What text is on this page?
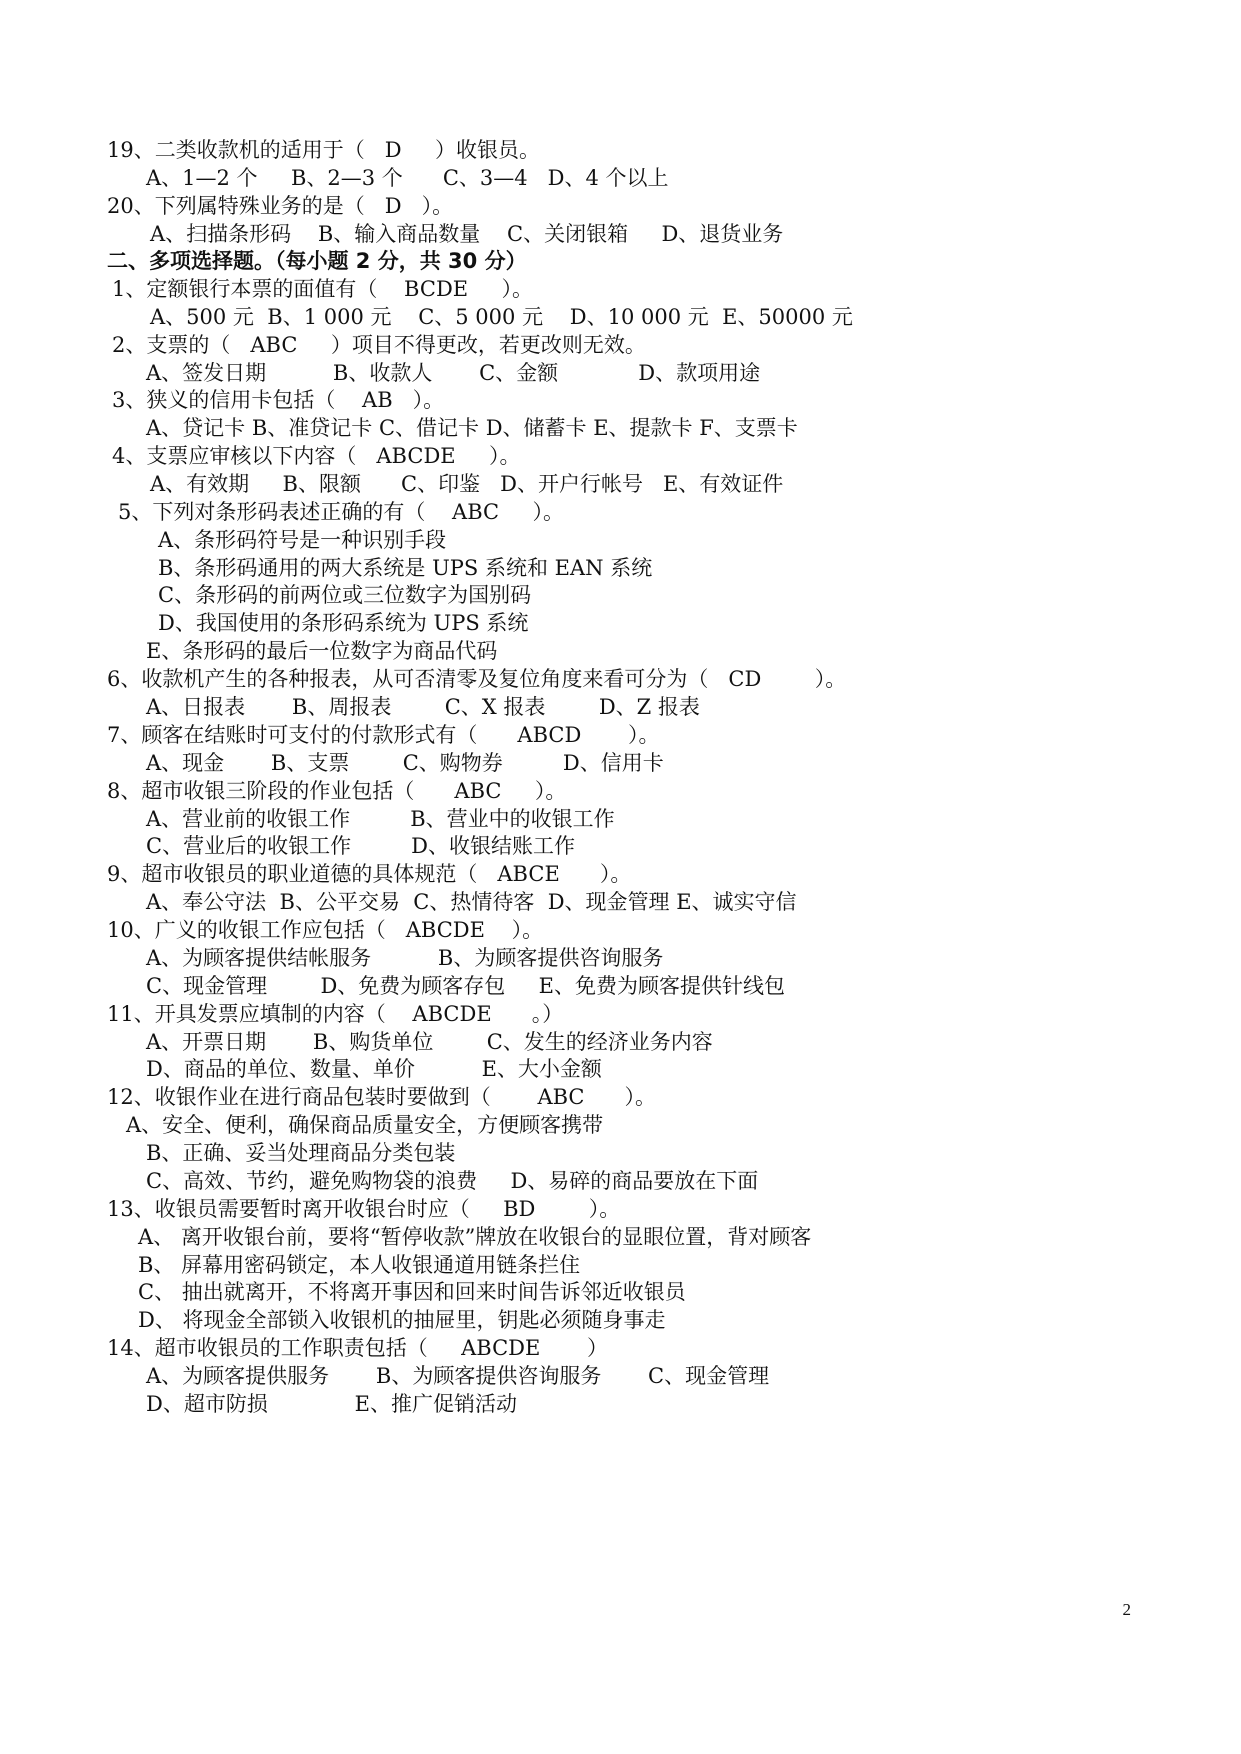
19、二类收款机的适用于（   D     ）收银员。
A、1—2 个     B、2—3 个      C、3—4   D、4 个以上
20、下列属特殊业务的是（   D   ）。
A、扫描条形码    B、输入商品数量    C、关闭银箱     D、退货业务
二、多项选择题。（每小题 2 分，共 30 分）
1、定额银行本票的面值有（    BCDE     ）。
A、500 元  B、1 000 元    C、5 000 元    D、10 000 元  E、50000 元
2、支票的（   ABC     ）项目不得更改，若更改则无效。
A、签发日期          B、收款人       C、金额            D、款项用途
3、狭义的信用卡包括（    AB   ）。
A、贷记卡 B、准贷记卡 C、借记卡 D、储蓄卡 E、提款卡 F、支票卡
4、支票应审核以下内容（   ABCDE     ）。
A、有效期     B、限额      C、印鉴   D、开户行帐号   E、有效证件
5、下列对条形码表述正确的有（    ABC     ）。
A、条形码符号是一种识别手段
B、条形码通用的两大系统是 UPS 系统和 EAN 系统
C、条形码的前两位或三位数字为国别码
D、我国使用的条形码系统为 UPS 系统
E、条形码的最后一位数字为商品代码
6、收款机产生的各种报表，从可否清零及复位角度来看可分为（   CD        ）。
A、日报表       B、周报表        C、X 报表        D、Z 报表
7、顾客在结账时可支付的付款形式有（      ABCD       ）。
A、现金       B、支票        C、购物券         D、信用卡
8、超市收银三阶段的作业包括（      ABC     ）。
A、营业前的收银工作         B、营业中的收银工作
C、营业后的收银工作         D、收银结账工作
9、超市收银员的职业道德的具体规范（   ABCE      ）。
A、奉公守法  B、公平交易  C、热情待客  D、现金管理 E、诚实守信
10、广义的收银工作应包括（   ABCDE    ）。
A、为顾客提供结帐服务          B、为顾客提供咨询服务
C、现金管理        D、免费为顾客存包     E、免费为顾客提供针线包
11、开具发票应填制的内容（    ABCDE      。）
A、开票日期       B、购货单位        C、发生的经济业务内容
D、商品的单位、数量、单价          E、大小金额
12、收银作业在进行商品包装时要做到（       ABC      ）。
A、安全、便利，确保商品质量安全，方便顾客携带
B、正确、妥当处理商品分类包装
C、高效、节约，避免购物袋的浪费     D、易碎的商品要放在下面
13、收银员需要暂时离开收银台时应（     BD        ）。
A、 离开收银台前，要将“暂停收款”牌放在收银台的显眼位置，背对顾客
B、 屏幕用密码锁定，本人收银通道用链条拦住
C、 抽出就离开，不将离开事因和回来时间告诉邻近收银员
D、 将现金全部锁入收银机的抽屉里，钥匙必须随身事走
14、超市收银员的工作职责包括（     ABCDE       ）
A、为顾客提供服务       B、为顾客提供咨询服务       C、现金管理
D、超市防损             E、推广促销活动
2
